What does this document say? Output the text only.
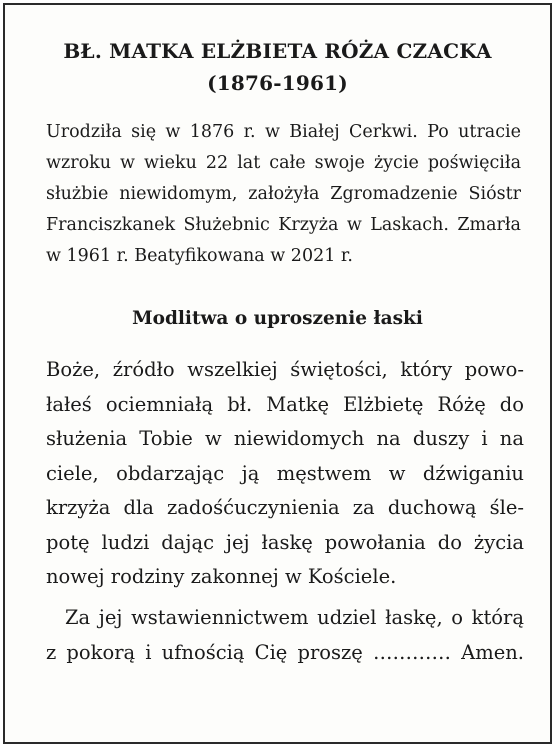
BŁ. MATKA ELŻBIETA RÓŻA CZACKA
(1876-1961)
Urodziła się w 1876 r. w Białej Cerkwi. Po utracie wzroku w wieku 22 lat całe swoje życie poświęciła służbie niewidomym, założyła Zgromadzenie Sióstr Franciszkanek Służebnic Krzyża w Laskach. Zmarła w 1961 r. Beatyfikowana w 2021 r.
Modlitwa o uproszenie łaski
Boże, źródło wszelkiej świętości, który powo-
łałeś ociemniałą bł. Matkę Elżbietę Różę do
służenia Tobie w niewidomych na duszy i na
ciele, obdarzając ją męstwem w dźwiganiu
krzyża dla zadośćuczynienia za duchową śle-
potę ludzi dając jej łaskę powołania do życia
nowej rodziny zakonnej w Kościele.
Za jej wstawiennictwem udziel łaskę, o którą
z pokorą i ufnością Cię proszę ………… Amen.
